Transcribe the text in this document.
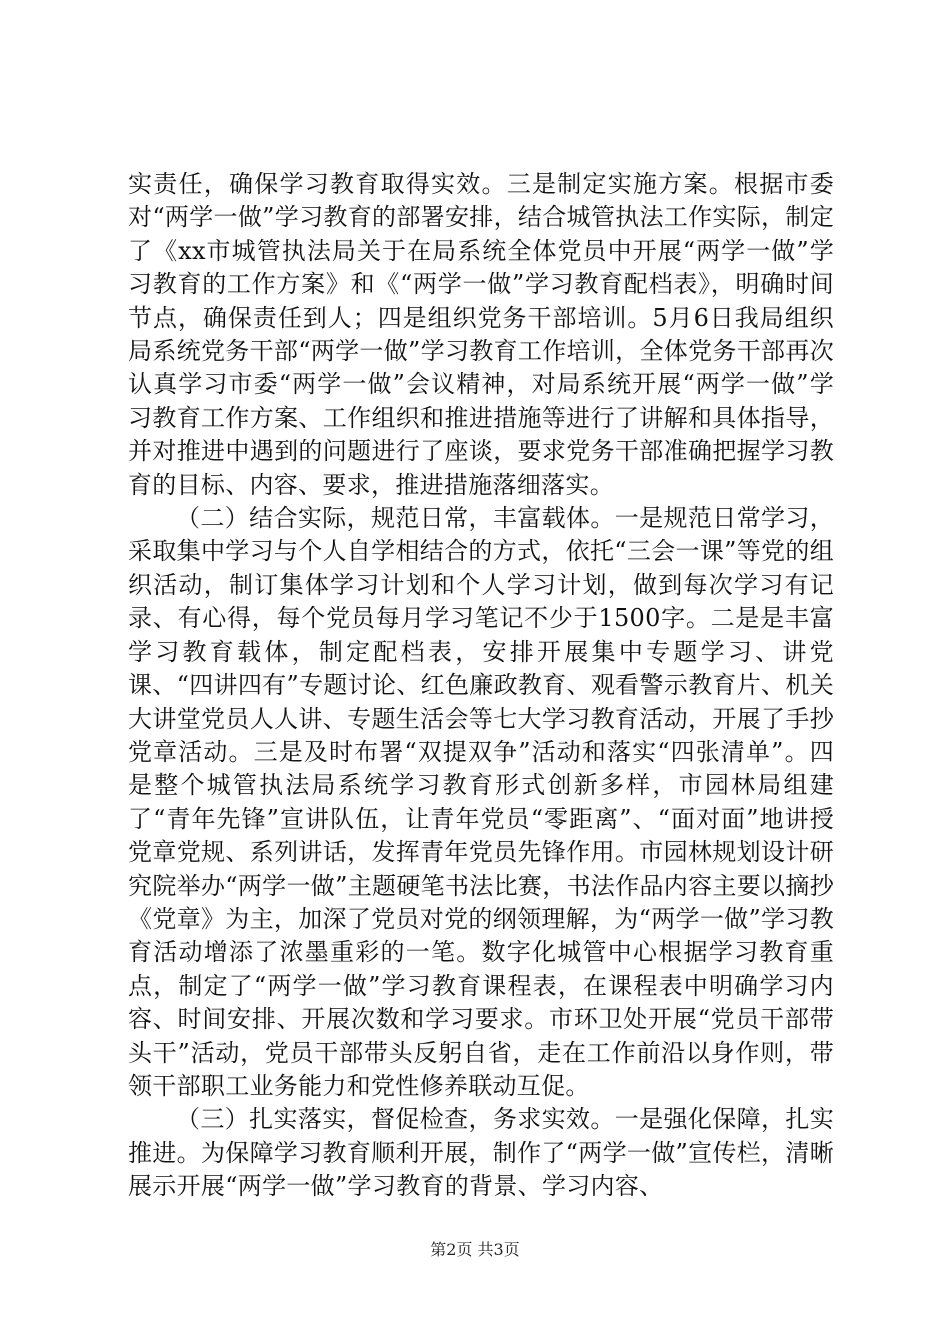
实责任，确保学习教育取得实效。三是制定实施方案。根据市委对“两学一做”学习教育的部署安排，结合城管执法工作实际，制定了《xx市城管执法局关于在局系统全体党员中开展“两学一做”学习教育的工作方案》和《“两学一做”学习教育配档表》，明确时间节点，确保责任到人；四是组织党务干部培训。5月6日我局组织局系统党务干部“两学一做”学习教育工作培训，全体党务干部再次认真学习市委“两学一做”会议精神，对局系统开展“两学一做”学习教育工作方案、工作组织和推进措施等进行了讲解和具体指导，并对推进中遇到的问题进行了座谈，要求党务干部准确把握学习教育的目标、内容、要求，推进措施落细落实。

（二）结合实际，规范日常，丰富载体。一是规范日常学习，采取集中学习与个人自学相结合的方式，依托“三会一课”等党的组织活动，制订集体学习计划和个人学习计划，做到每次学习有记录、有心得，每个党员每月学习笔记不少于1500字。二是是丰富学习教育载体，制定配档表，安排开展集中专题学习、讲党课、“四讲四有”专题讨论、红色廉政教育、观看警示教育片、机关大讲堂党员人人讲、专题生活会等七大学习教育活动，开展了手抄党章活动。三是及时布署“双提双争”活动和落实“四张清单”。四是整个城管执法局系统学习教育形式创新多样，市园林局组建了“青年先锋”宣讲队伍，让青年党员“零距离”、“面对面”地讲授党章党规、系列讲话，发挥青年党员先锋作用。市园林规划设计研究院举办“两学一做”主题硬笔书法比赛，书法作品内容主要以摘抄《党章》为主，加深了党员对党的纲领理解，为“两学一做”学习教育活动增添了浓墨重彩的一笔。数字化城管中心根据学习教育重点，制定了“两学一做”学习教育课程表，在课程表中明确学习内容、时间安排、开展次数和学习要求。市环卫处开展“党员干部带头干”活动，党员干部带头反躬自省，走在工作前沿以身作则，带领干部职工业务能力和党性修养联动互促。

（三）扎实落实，督促检查，务求实效。一是强化保障，扎实推进。为保障学习教育顺利开展，制作了“两学一做”宣传栏，清晰展示开展“两学一做”学习教育的背景、学习内容、

第2页 共3页
